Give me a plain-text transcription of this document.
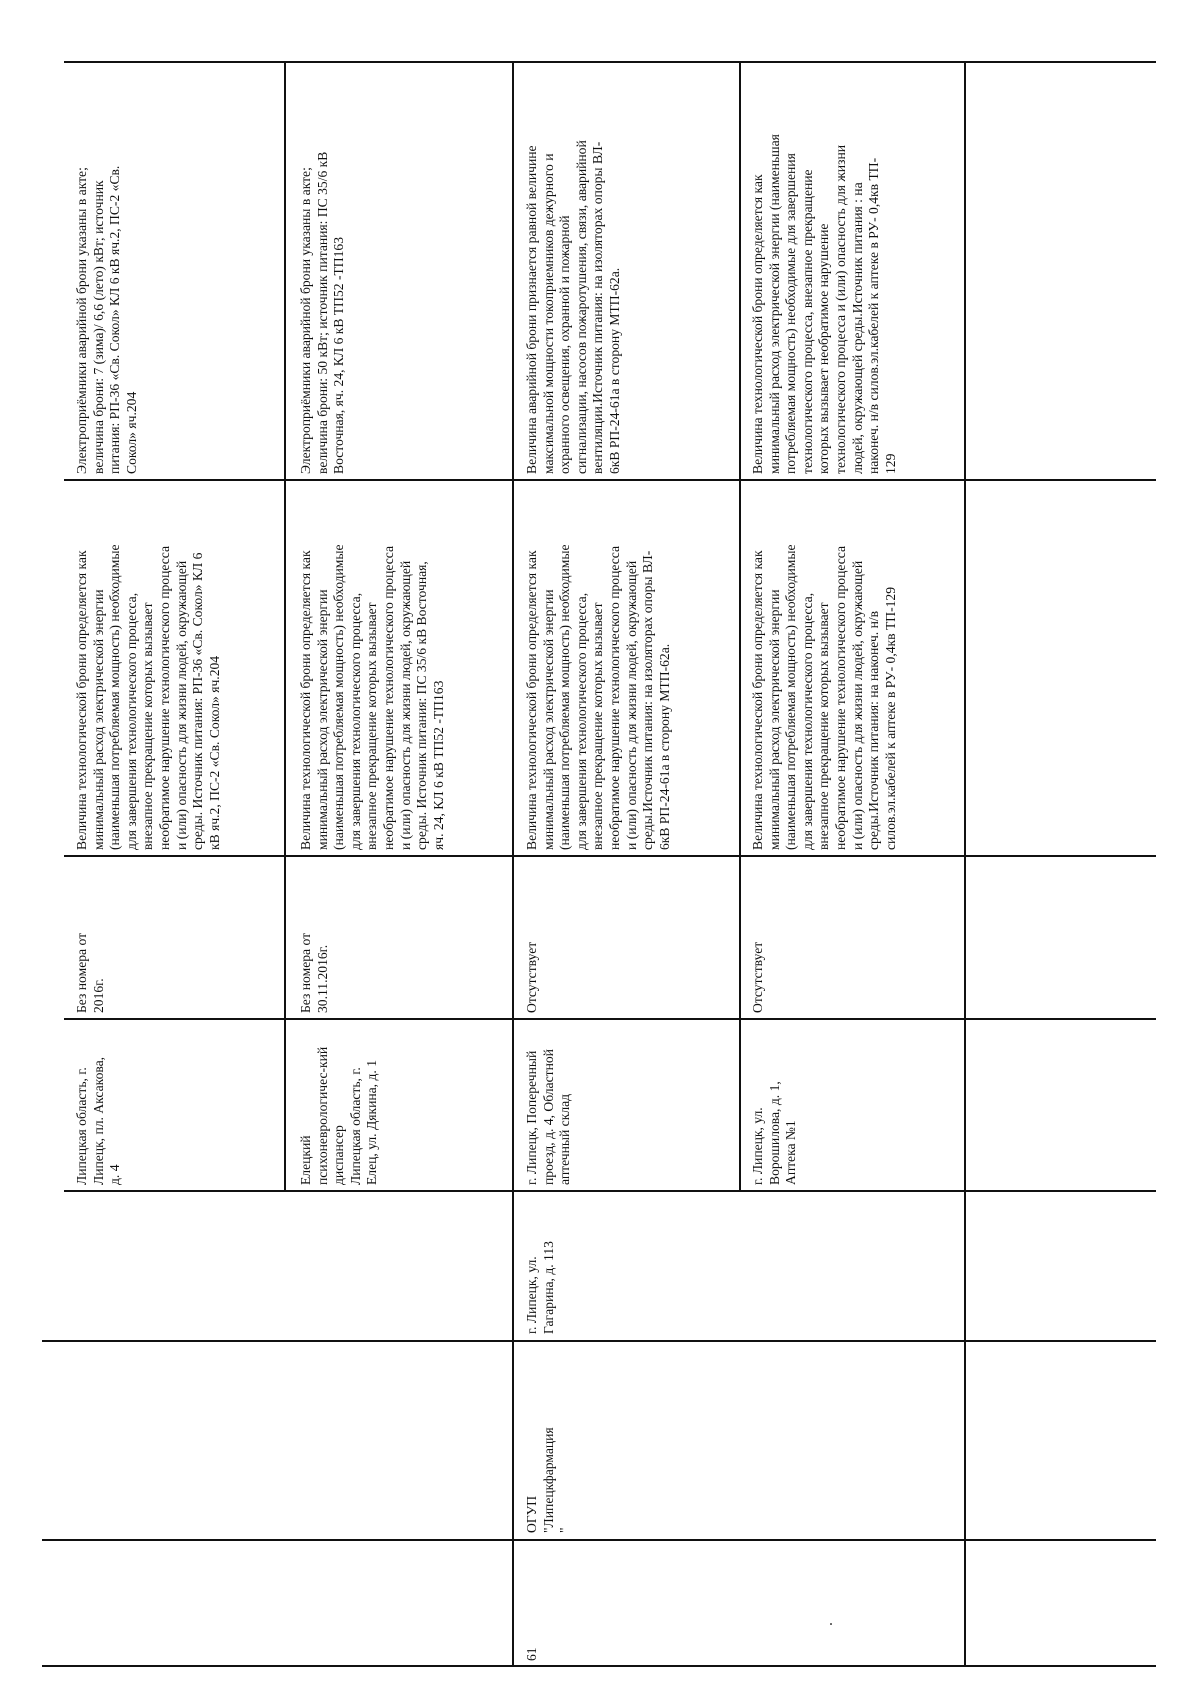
61
ОГУП
"Липецкфармация
"
г. Липецк, ул.
Гагарина, д. 113
Липецкая область, г.
Липецк, пл. Аксакова,
д. 4
Без номера от
2016г.
Величина технологической брони определяется как
минимальный расход электрической энергии
(наименьшая потребляемая мощность) необходимые
для завершения технологического процесса,
внезапное прекращение которых вызывает
необратимое нарушение технологического процесса
и (или) опасность для жизни людей, окружающей
среды. Источник питания: РП-36 «Св. Сокол» КЛ 6
кВ яч.2, ПС-2 «Св. Сокол» яч.204
Электроприёмники аварийной брони указаны в акте;
величина брони: 7 (зима)/ 6,6 (лето) кВт; источник
питания: РП-36 «Св. Сокол» КЛ 6 кВ яч.2, ПС-2 «Св.
Сокол» яч.204
Елецкий
психоневрологичес-кий
диспансер
Липецкая область, г.
Елец, ул. Дякина, д. 1
Без номера от
30.11.2016г.
Величина технологической брони определяется как
минимальный расход электрической энергии
(наименьшая потребляемая мощность) необходимые
для завершения технологического процесса,
внезапное прекращение которых вызывает
необратимое нарушение технологического процесса
и (или) опасность для жизни людей, окружающей
среды. Источник питания: ПС 35/6 кВ Восточная,
яч. 24, КЛ 6 кВ ТП52 -ТП163
Электроприёмники аварийной брони указаны в акте;
величина брони: 50 кВт; источник питания: ПС 35/6 кВ
Восточная, яч. 24, КЛ 6 кВ ТП52 -ТП163
г. Липецк, Поперечный
проезд, д. 4, Областной
аптечный склад
Отсутствует
Величина технологической брони определяется как
минимальный расход электрической энергии
(наименьшая потребляемая мощность) необходимые
для завершения технологического процесса,
внезапное прекращение которых вызывает
необратимое нарушение технологического процесса
и (или) опасность для жизни людей, окружающей
среды.Источник питания: на изоляторах опоры ВЛ-
6кВ РП-24-61а в сторону МТП-62а.
Величина аварийной брони признается равной величине
максимальной мощности токоприемников дежурного и
охранного освещения, охранной и пожарной
сигнализации, насосов пожаротушения, связи, аварийной
вентиляции.Источник питания: на изоляторах опоры ВЛ-
6кВ РП-24-61а в сторону МТП-62а.
г. Липецк, ул.
Ворошилова, д. 1,
Аптека №1
Отсутствует
Величина технологической брони определяется как
минимальный расход электрической энергии
(наименьшая потребляемая мощность) необходимые
для завершения технологического процесса,
внезапное прекращение которых вызывает
необратимое нарушение технологического процесса
и (или) опасность для жизни людей, окружающей
среды.Источник питания: на наконеч. н/в
силов.эл.кабелей к аптеке в РУ- 0,4кв ТП-129
Величина технологической брони определяется как
минимальный расход электрической энергии (наименьшая
потребляемая мощность) необходимые для завершения
технологического процесса, внезапное прекращение
которых вызывает необратимое нарушение
технологического процесса и (или) опасность для жизни
людей, окружающей среды.Источник питания : на
наконеч. н/в силов.эл.кабелей к аптеке в РУ- 0,4кв ТП-
129
